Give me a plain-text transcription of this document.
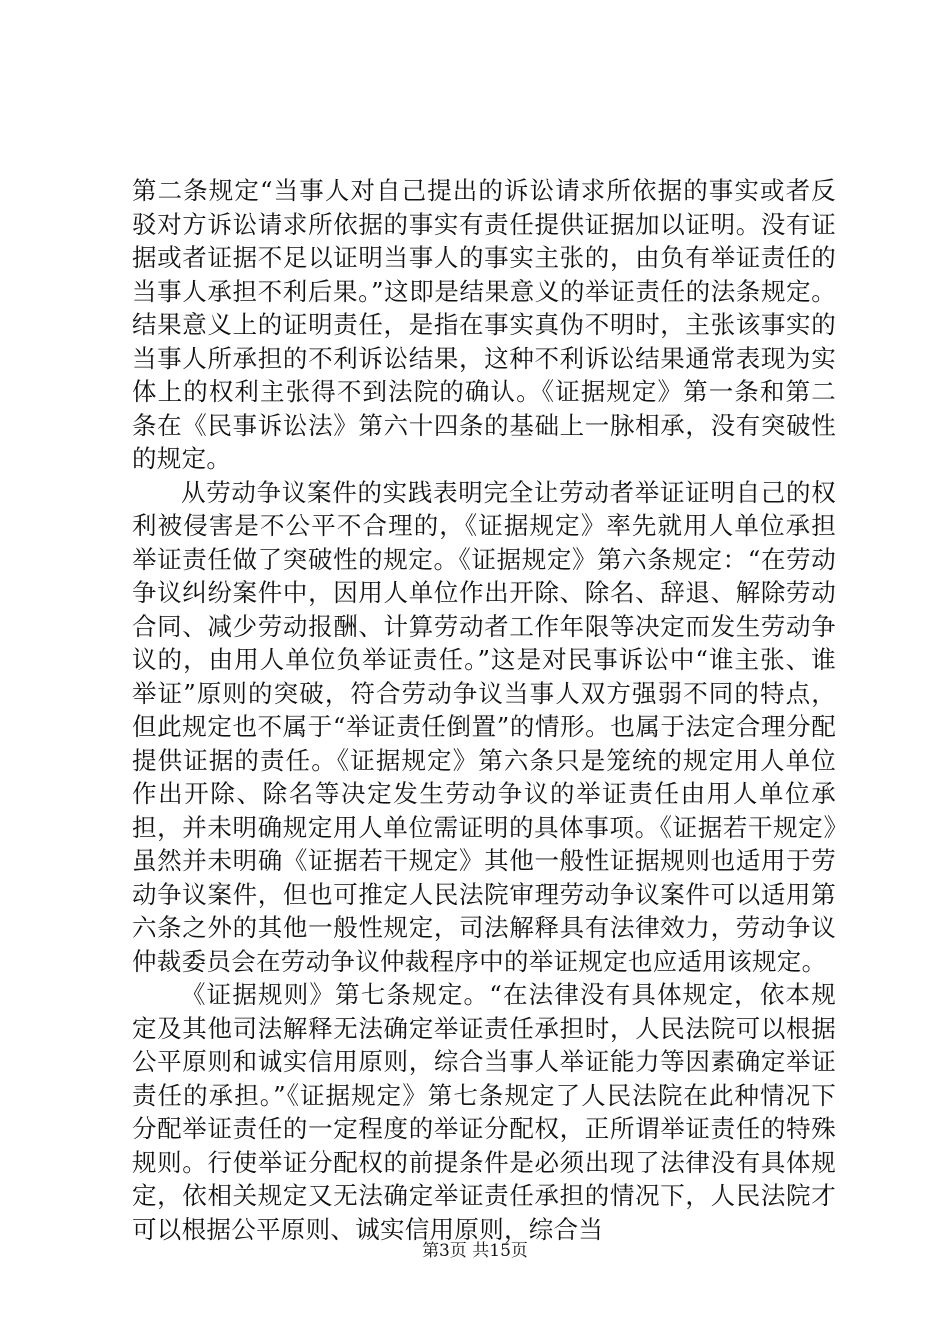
第二条规定“当事人对自己提出的诉讼请求所依据的事实或者反驳对方诉讼请求所依据的事实有责任提供证据加以证明。没有证据或者证据不足以证明当事人的事实主张的，由负有举证责任的当事人承担不利后果。”这即是结果意义的举证责任的法条规定。结果意义上的证明责任，是指在事实真伪不明时，主张该事实的当事人所承担的不利诉讼结果，这种不利诉讼结果通常表现为实体上的权利主张得不到法院的确认。《证据规定》第一条和第二条在《民事诉讼法》第六十四条的基础上一脉相承，没有突破性的规定。

从劳动争议案件的实践表明完全让劳动者举证证明自己的权利被侵害是不公平不合理的，《证据规定》率先就用人单位承担举证责任做了突破性的规定。《证据规定》第六条规定：“在劳动争议纠纷案件中，因用人单位作出开除、除名、辞退、解除劳动合同、减少劳动报酬、计算劳动者工作年限等决定而发生劳动争议的，由用人单位负举证责任。”这是对民事诉讼中“谁主张、谁举证”原则的突破，符合劳动争议当事人双方强弱不同的特点，但此规定也不属于“举证责任倒置”的情形。也属于法定合理分配提供证据的责任。《证据规定》第六条只是笼统的规定用人单位作出开除、除名等决定发生劳动争议的举证责任由用人单位承担，并未明确规定用人单位需证明的具体事项。《证据若干规定》虽然并未明确《证据若干规定》其他一般性证据规则也适用于劳动争议案件，但也可推定人民法院审理劳动争议案件可以适用第六条之外的其他一般性规定，司法解释具有法律效力，劳动争议仲裁委员会在劳动争议仲裁程序中的举证规定也应适用该规定。

《证据规则》第七条规定。“在法律没有具体规定，依本规定及其他司法解释无法确定举证责任承担时，人民法院可以根据公平原则和诚实信用原则，综合当事人举证能力等因素确定举证责任的承担。”《证据规定》第七条规定了人民法院在此种情况下分配举证责任的一定程度的举证分配权，正所谓举证责任的特殊规则。行使举证分配权的前提条件是必须出现了法律没有具体规定，依相关规定又无法确定举证责任承担的情况下，人民法院才可以根据公平原则、诚实信用原则，综合当

第3页 共15页
